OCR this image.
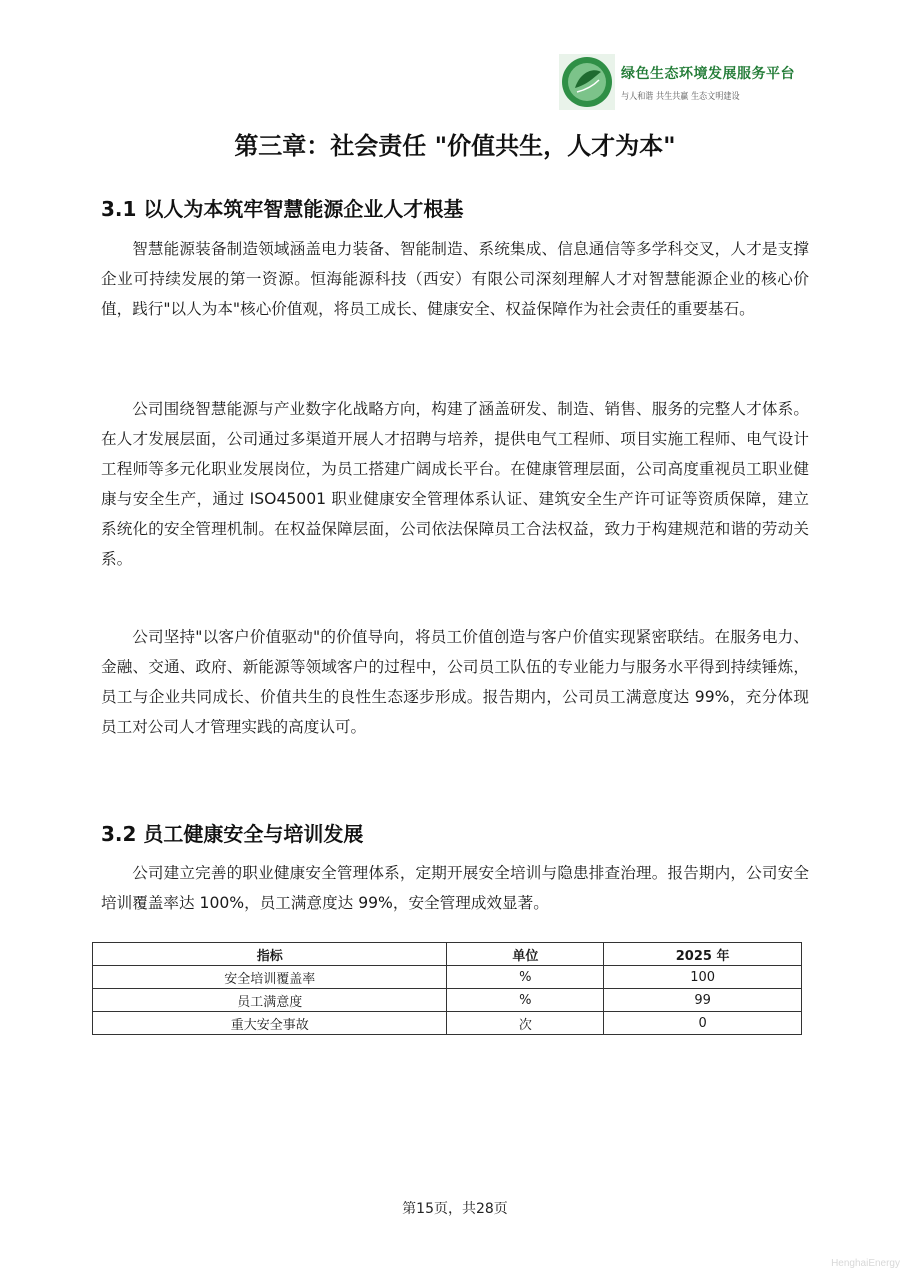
绿色生态环境发展服务平台
与人和谐 共生共赢 生态文明建设
第三章：社会责任 "价值共生，人才为本"
3.1 以人为本筑牢智慧能源企业人才根基

智慧能源装备制造领域涵盖电力装备、智能制造、系统集成、信息通信等多学科交叉，人才是支撑企业可持续发展的第一资源。恒海能源科技（西安）有限公司深刻理解人才对智慧能源企业的核心价值，践行"以人为本"核心价值观，将员工成长、健康安全、权益保障作为社会责任的重要基石。

公司围绕智慧能源与产业数字化战略方向，构建了涵盖研发、制造、销售、服务的完整人才体系。在人才发展层面，公司通过多渠道开展人才招聘与培养，提供电气工程师、项目实施工程师、电气设计工程师等多元化职业发展岗位，为员工搭建广阔成长平台。在健康管理层面，公司高度重视员工职业健康与安全生产，通过 ISO45001 职业健康安全管理体系认证、建筑安全生产许可证等资质保障，建立系统化的安全管理机制。在权益保障层面，公司依法保障员工合法权益，致力于构建规范和谐的劳动关系。

公司坚持"以客户价值驱动"的价值导向，将员工价值创造与客户价值实现紧密联结。在服务电力、金融、交通、政府、新能源等领域客户的过程中，公司员工队伍的专业能力与服务水平得到持续锤炼，员工与企业共同成长、价值共生的良性生态逐步形成。报告期内，公司员工满意度达 99%，充分体现员工对公司人才管理实践的高度认可。

3.2 员工健康安全与培训发展

公司建立完善的职业健康安全管理体系，定期开展安全培训与隐患排查治理。报告期内，公司安全培训覆盖率达 100%，员工满意度达 99%，安全管理成效显著。

指标	单位	2025 年
安全培训覆盖率	%	100
员工满意度	%	99
重大安全事故	次	0
第15页，共28页
HenghaiEnergy
